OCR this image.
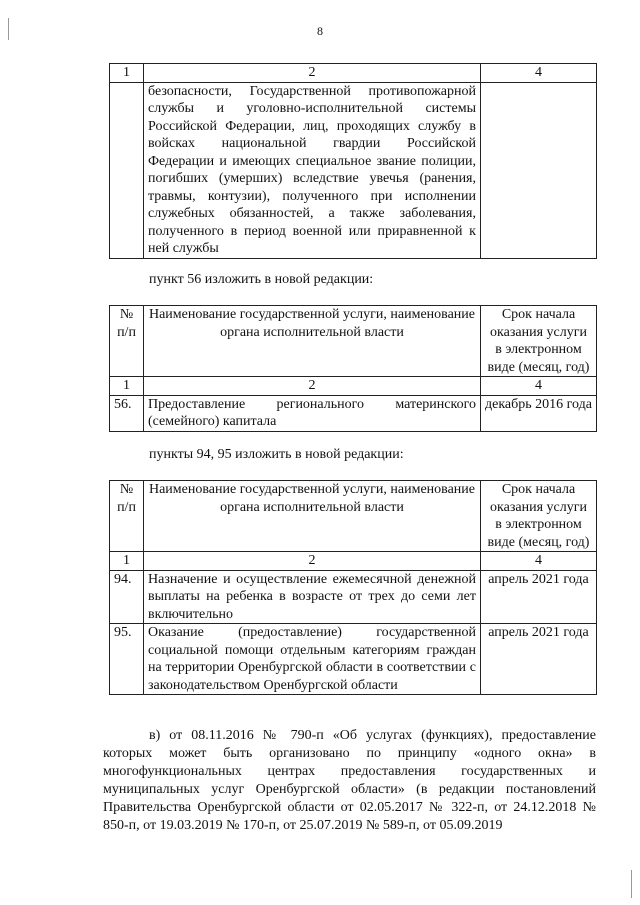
8
1	2	4
	безопасности, Государственной противопожарной службы и уголовно-исполнительной системы Российской Федерации, лиц, проходящих службу в войсках национальной гвардии Российской Федерации и имеющих специальное звание полиции, погибших (умерших) вследствие увечья (ранения, травмы, контузии), полученного при исполнении служебных обязанностей, а также заболевания, полученного в период военной или приравненной к ней службы	
пункт 56 изложить в новой редакции:
№ п/п	Наименование государственной услуги, наименование органа исполнительной власти	Срок начала оказания услуги в электронном виде (месяц, год)
1	2	4
56.	Предоставление регионального материнского (семейного) капитала	декабрь 2016 года
пункты 94, 95 изложить в новой редакции:
№ п/п	Наименование государственной услуги, наименование органа исполнительной власти	Срок начала оказания услуги в электронном виде (месяц, год)
1	2	4
94.	Назначение и осуществление ежемесячной денежной выплаты на ребенка в возрасте от трех до семи лет включительно	апрель 2021 года
95.	Оказание (предоставление) государственной социальной помощи отдельным категориям граждан на территории Оренбургской области в соответствии с законодательством Оренбургской области	апрель 2021 года
в) от 08.11.2016 № 790-п «Об услугах (функциях), предоставление которых может быть организовано по принципу «одного окна» в многофункциональных центрах предоставления государственных и муниципальных услуг Оренбургской области» (в редакции постановлений Правительства Оренбургской области от 02.05.2017 № 322-п, от 24.12.2018 № 850-п, от 19.03.2019 № 170-п, от 25.07.2019 № 589-п, от 05.09.2019
